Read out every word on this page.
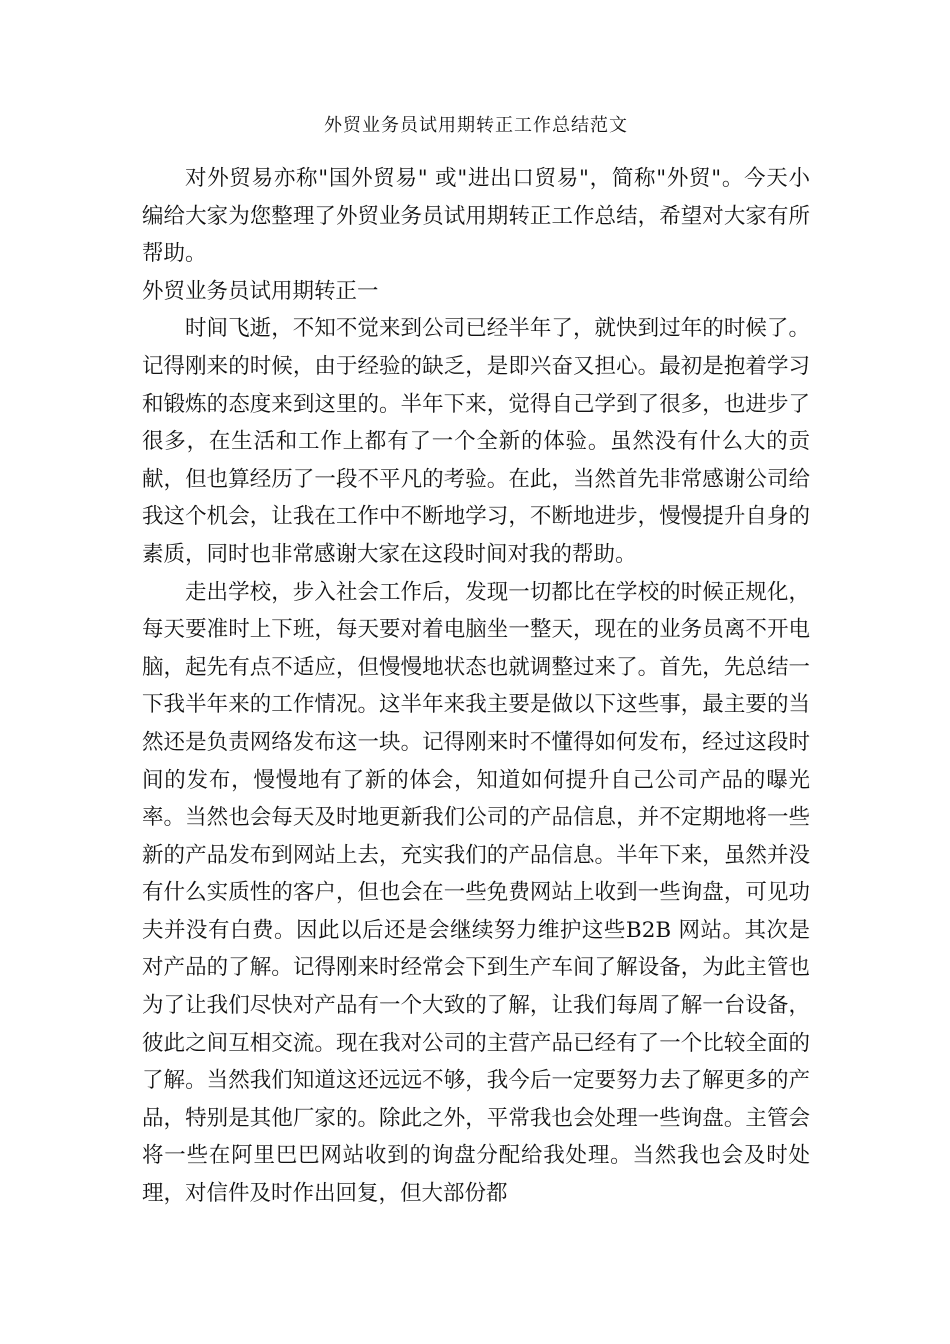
外贸业务员试用期转正工作总结范文

对外贸易亦称"国外贸易" 或"进出口贸易"，简称"外贸"。今天小编给大家为您整理了外贸业务员试用期转正工作总结，希望对大家有所帮助。

外贸业务员试用期转正一

时间飞逝，不知不觉来到公司已经半年了，就快到过年的时候了。记得刚来的时候，由于经验的缺乏，是即兴奋又担心。最初是抱着学习和锻炼的态度来到这里的。半年下来，觉得自己学到了很多，也进步了很多，在生活和工作上都有了一个全新的体验。虽然没有什么大的贡献，但也算经历了一段不平凡的考验。在此，当然首先非常感谢公司给我这个机会，让我在工作中不断地学习，不断地进步，慢慢提升自身的素质，同时也非常感谢大家在这段时间对我的帮助。

走出学校，步入社会工作后，发现一切都比在学校的时候正规化，每天要准时上下班，每天要对着电脑坐一整天，现在的业务员离不开电脑，起先有点不适应，但慢慢地状态也就调整过来了。首先，先总结一下我半年来的工作情况。这半年来我主要是做以下这些事，最主要的当然还是负责网络发布这一块。记得刚来时不懂得如何发布，经过这段时间的发布，慢慢地有了新的体会，知道如何提升自己公司产品的曝光率。当然也会每天及时地更新我们公司的产品信息，并不定期地将一些新的产品发布到网站上去，充实我们的产品信息。半年下来，虽然并没有什么实质性的客户，但也会在一些免费网站上收到一些询盘，可见功夫并没有白费。因此以后还是会继续努力维护这些B2B 网站。其次是对产品的了解。记得刚来时经常会下到生产车间了解设备，为此主管也为了让我们尽快对产品有一个大致的了解，让我们每周了解一台设备，彼此之间互相交流。现在我对公司的主营产品已经有了一个比较全面的了解。当然我们知道这还远远不够，我今后一定要努力去了解更多的产品，特别是其他厂家的。除此之外，平常我也会处理一些询盘。主管会将一些在阿里巴巴网站收到的询盘分配给我处理。当然我也会及时处理，对信件及时作出回复，但大部份都
